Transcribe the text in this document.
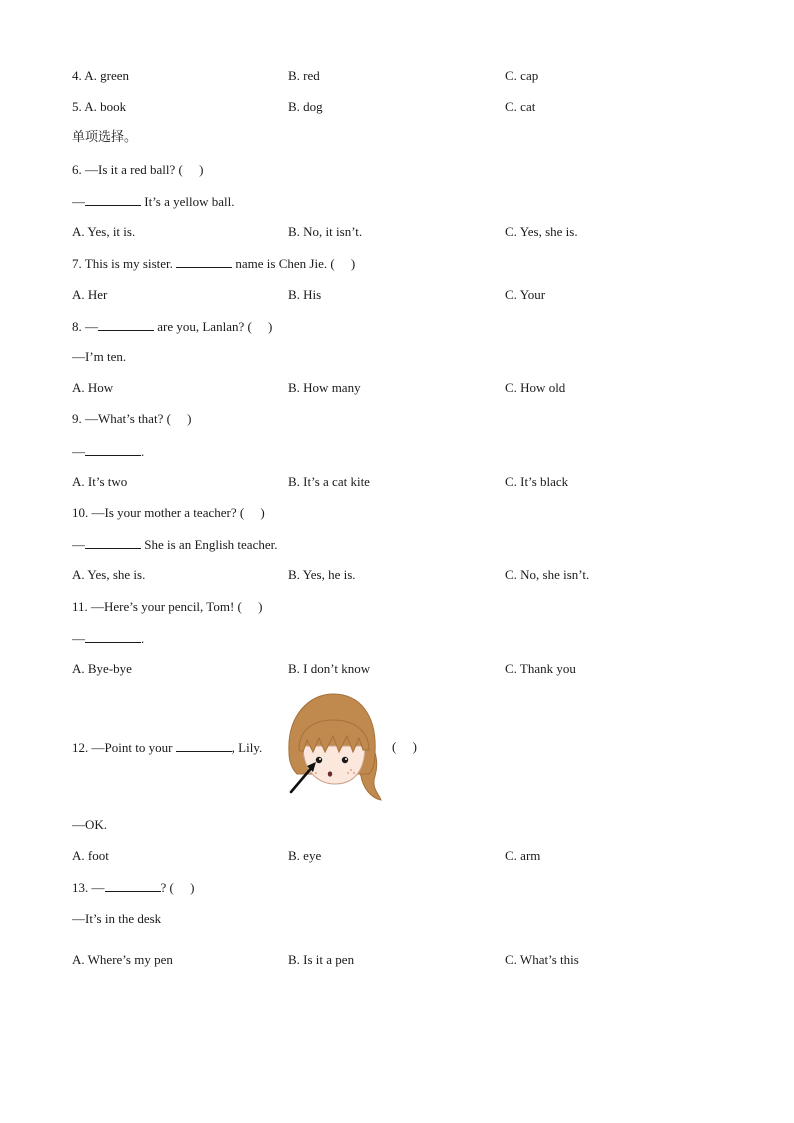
4. A. green	B. red	C. cap
5. A. book	B. dog	C. cat
单项选择。
6. —Is it a red ball? (     )
—	It’s a yellow ball.
A. Yes, it is.	B. No, it isn’t.	C. Yes, she is.
7. This is my sister.	name is Chen Jie. (     )
A. Her	B. His	C. Your
8. —	are you, Lanlan? (     )
—I’m ten.
A. How	B. How many	C. How old
9. —What’s that? (     )
—	.
A. It’s two	B. It’s a cat kite	C. It’s black
10. —Is your mother a teacher? (     )
—	She is an English teacher.
A. Yes, she is.	B. Yes, he is.	C. No, she isn’t.
11. —Here’s your pencil, Tom! (     )
—	.
A. Bye-bye	B. I don’t know	C. Thank you
12. —Point to your	, Lily.	(     )
—OK.
A. foot	B. eye	C. arm
13. —	? (     )
—It’s in the desk
A. Where’s my pen	B. Is it a pen	C. What’s this
